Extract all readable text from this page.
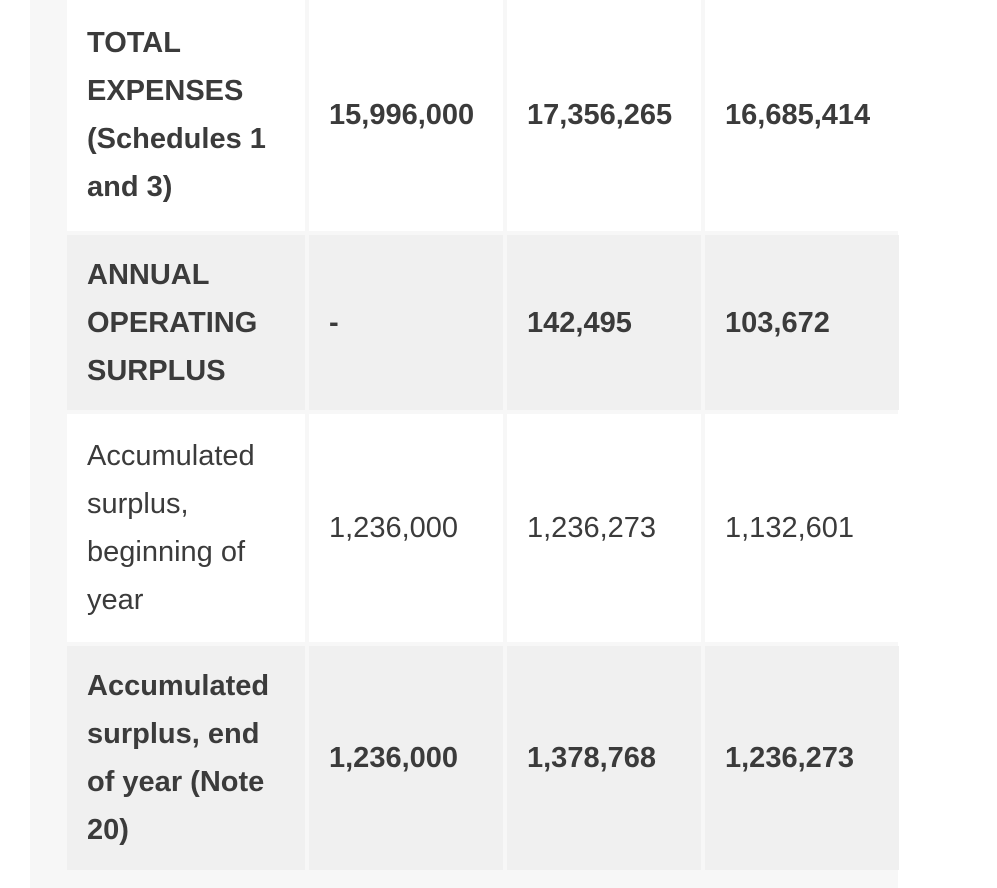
TOTAL EXPENSES (Schedules 1 and 3)	15,996,000	17,356,265	16,685,414
ANNUAL OPERATING SURPLUS	-	142,495	103,672
Accumulated surplus, beginning of year	1,236,000	1,236,273	1,132,601
Accumulated surplus, end of year (Note 20)	1,236,000	1,378,768	1,236,273
